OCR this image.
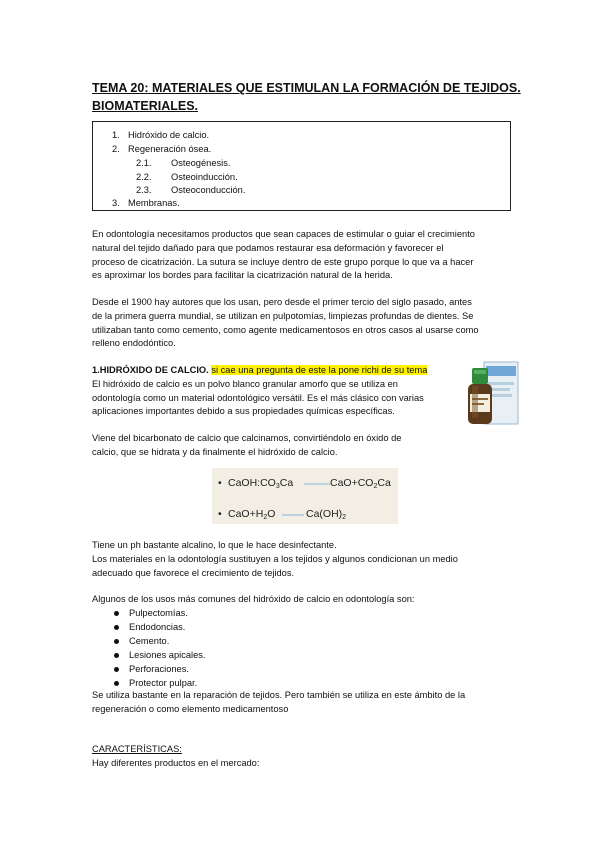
TEMA 20: MATERIALES QUE ESTIMULAN LA FORMACIÓN DE TEJIDOS.
BIOMATERIALES.
1. Hidróxido de calcio.
2. Regeneración ósea.
2.1. Osteogénesis.
2.2. Osteoinducción.
2.3. Osteoconducción.
3. Membranas.
En odontología necesitamos productos que sean capaces de estimular o guiar el crecimiento
natural del tejido dañado para que podamos restaurar esa deformación y favorecer el
proceso de cicatrización. La sutura se incluye dentro de este grupo porque lo que va a hacer
es aproximar los bordes para facilitar la cicatrización natural de la herida.
Desde el 1900 hay autores que los usan, pero desde el primer tercio del siglo pasado, antes
de la primera guerra mundial, se utilizan en pulpotomías, limpiezas profundas de dientes. Se
utilizaban tanto como cemento, como agente medicamentosos en otros casos al usarse como
relleno endodóntico.
1.HIDRÓXIDO DE CALCIO. si cae una pregunta de este la pone richi de su tema
El hidróxido de calcio es un polvo blanco granular amorfo que se utiliza en
odontología como un material odontológico versátil. Es el más clásico con varias
aplicaciones importantes debido a sus propiedades químicas específicas.
Viene del bicarbonato de calcio que calcinamos, convirtiéndolo en óxido de
calcio, que se hidrata y da finalmente el hidróxido de calcio.
• $CaOH:CO_3Ca$	$CaO+CO_2Ca$
• $CaO+H_2O$	$Ca(OH)_2$
Tiene un ph bastante alcalino, lo que le hace desinfectante.
Los materiales en la odontología sustituyen a los tejidos y algunos condicionan un medio
adecuado que favorece el crecimiento de tejidos.
Algunos de los usos más comunes del hidróxido de calcio en odontología son:
Pulpectomías.
Endodoncias.
Cemento.
Lesiones apicales.
Perforaciones.
Protector pulpar.
Se utiliza bastante en la reparación de tejidos. Pero también se utiliza en este ámbito de la
regeneración o como elemento medicamentoso
CARACTERÍSTICAS:
Hay diferentes productos en el mercado:
